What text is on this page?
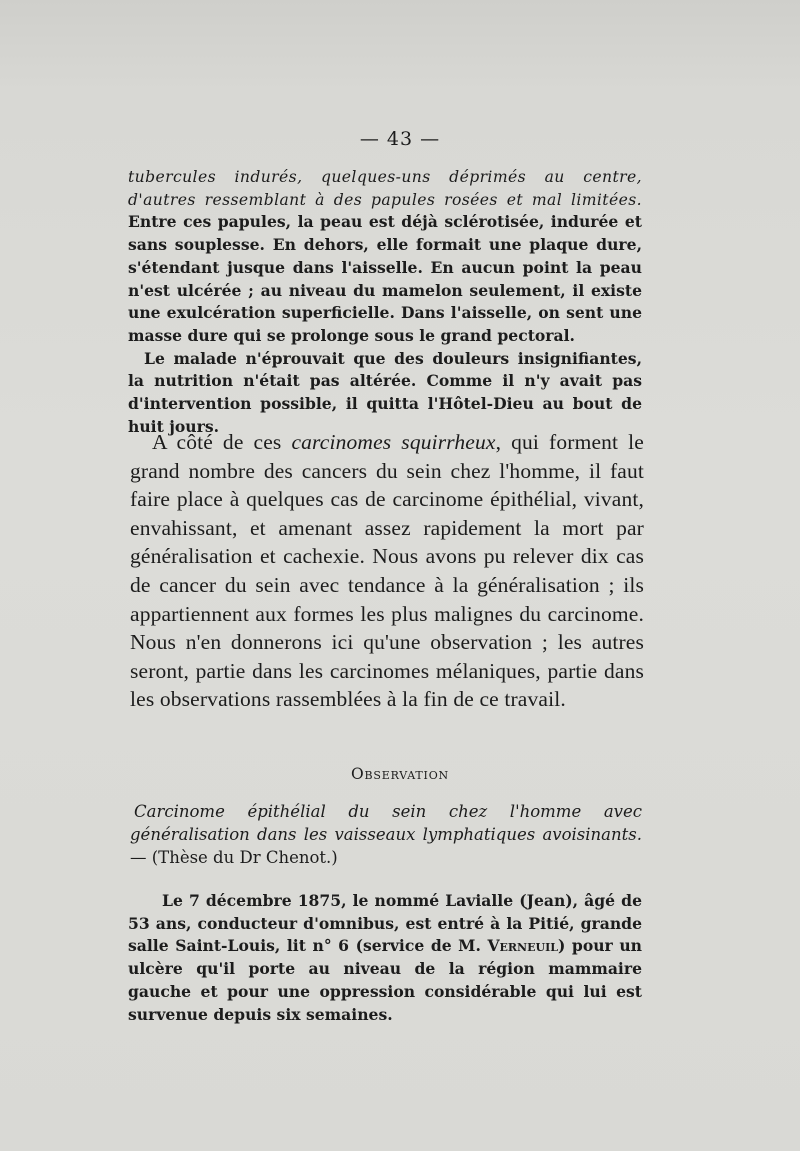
— 43 —

tubercules indurés, quelques-uns déprimés au centre, d'autres ressemblant à des papules rosées et mal limitées. Entre ces papules, la peau est déjà sclérotisée, indurée et sans souplesse. En dehors, elle formait une plaque dure, s'étendant jusque dans l'aisselle. En aucun point la peau n'est ulcérée ; au niveau du mamelon seulement, il existe une exulcération superficielle. Dans l'aisselle, on sent une masse dure qui se prolonge sous le grand pectoral.

Le malade n'éprouvait que des douleurs insignifiantes, la nutrition n'était pas altérée. Comme il n'y avait pas d'intervention possible, il quitta l'Hôtel-Dieu au bout de huit jours.

A côté de ces carcinomes squirrheux, qui forment le grand nombre des cancers du sein chez l'homme, il faut faire place à quelques cas de carcinome épithélial, vivant, envahissant, et amenant assez rapidement la mort par généralisation et cachexie. Nous avons pu relever dix cas de cancer du sein avec tendance à la généralisation ; ils appartiennent aux formes les plus malignes du carcinome. Nous n'en donnerons ici qu'une observation ; les autres seront, partie dans les carcinomes mélaniques, partie dans les observations rassemblées à la fin de ce travail.

Observation

Carcinome épithélial du sein chez l'homme avec généralisation dans les vaisseaux lymphatiques avoisinants. — (Thèse du Dr Chenot.)

Le 7 décembre 1875, le nommé Lavialle (Jean), âgé de 53 ans, conducteur d'omnibus, est entré à la Pitié, grande salle Saint-Louis, lit n° 6 (service de M. Verneuil) pour un ulcère qu'il porte au niveau de la région mammaire gauche et pour une oppression considérable qui lui est survenue depuis six semaines.
